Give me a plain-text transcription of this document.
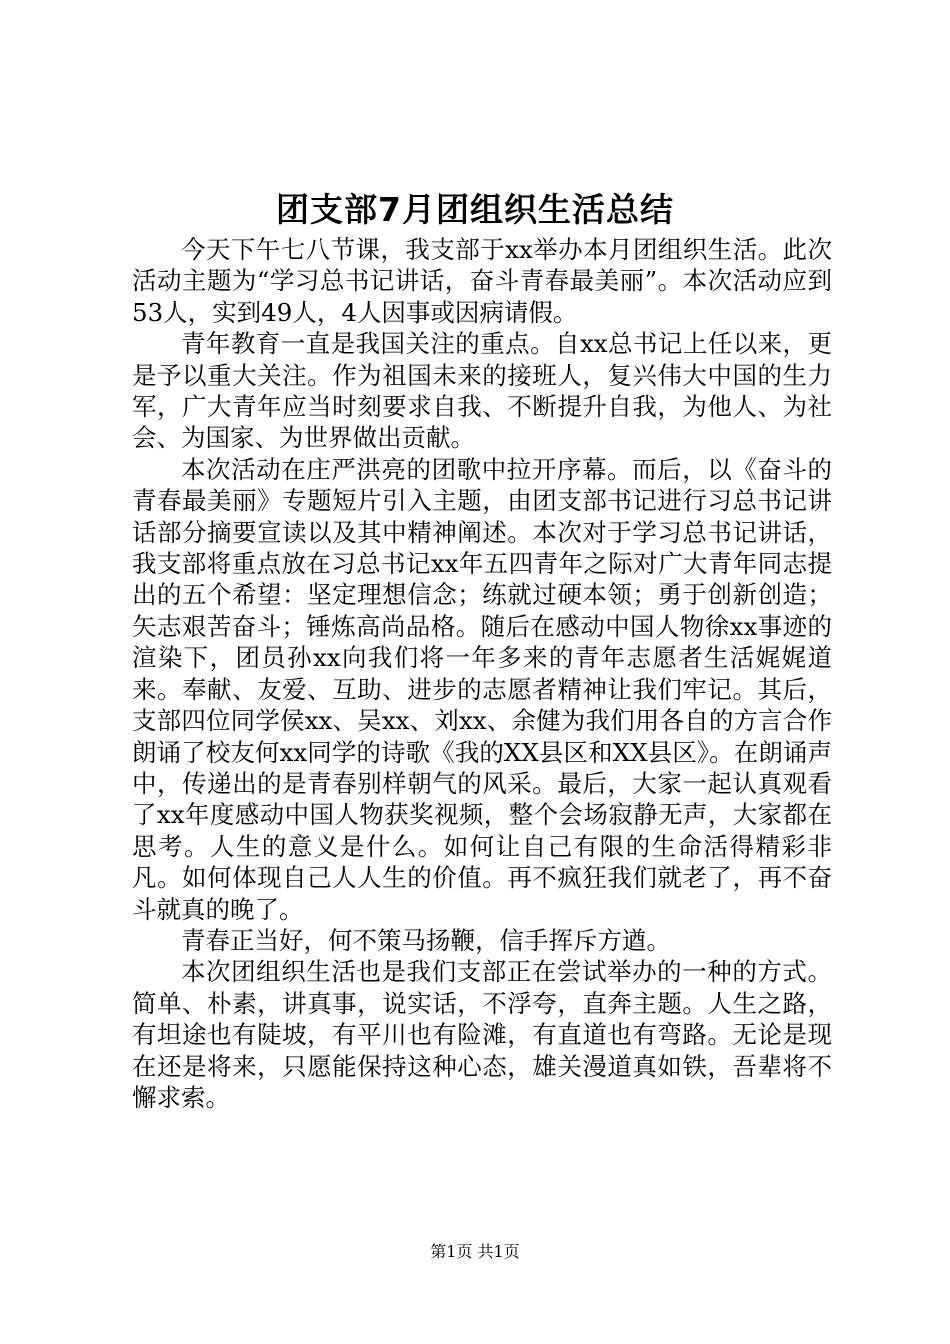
团支部7月团组织生活总结

今天下午七八节课，我支部于xx举办本月团组织生活。此次活动主题为“学习总书记讲话，奋斗青春最美丽”。本次活动应到53人，实到49人，4人因事或因病请假。

青年教育一直是我国关注的重点。自xx总书记上任以来，更是予以重大关注。作为祖国未来的接班人，复兴伟大中国的生力军，广大青年应当时刻要求自我、不断提升自我，为他人、为社会、为国家、为世界做出贡献。

本次活动在庄严洪亮的团歌中拉开序幕。而后，以《奋斗的青春最美丽》专题短片引入主题，由团支部书记进行习总书记讲话部分摘要宣读以及其中精神阐述。本次对于学习总书记讲话，我支部将重点放在习总书记xx年五四青年之际对广大青年同志提出的五个希望：坚定理想信念；练就过硬本领；勇于创新创造；矢志艰苦奋斗；锤炼高尚品格。随后在感动中国人物徐xx事迹的渲染下，团员孙xx向我们将一年多来的青年志愿者生活娓娓道来。奉献、友爱、互助、进步的志愿者精神让我们牢记。其后，支部四位同学侯xx、吴xx、刘xx、余健为我们用各自的方言合作朗诵了校友何xx同学的诗歌《我的XX县区和XX县区》。在朗诵声中，传递出的是青春别样朝气的风采。最后，大家一起认真观看了xx年度感动中国人物获奖视频，整个会场寂静无声，大家都在思考。人生的意义是什么。如何让自己有限的生命活得精彩非凡。如何体现自己人人生的价值。再不疯狂我们就老了，再不奋斗就真的晚了。

青春正当好，何不策马扬鞭，信手挥斥方遒。

本次团组织生活也是我们支部正在尝试举办的一种的方式。简单、朴素，讲真事，说实话，不浮夸，直奔主题。人生之路，有坦途也有陡坡，有平川也有险滩，有直道也有弯路。无论是现在还是将来，只愿能保持这种心态，雄关漫道真如铁，吾辈将不懈求索。

第1页 共1页
